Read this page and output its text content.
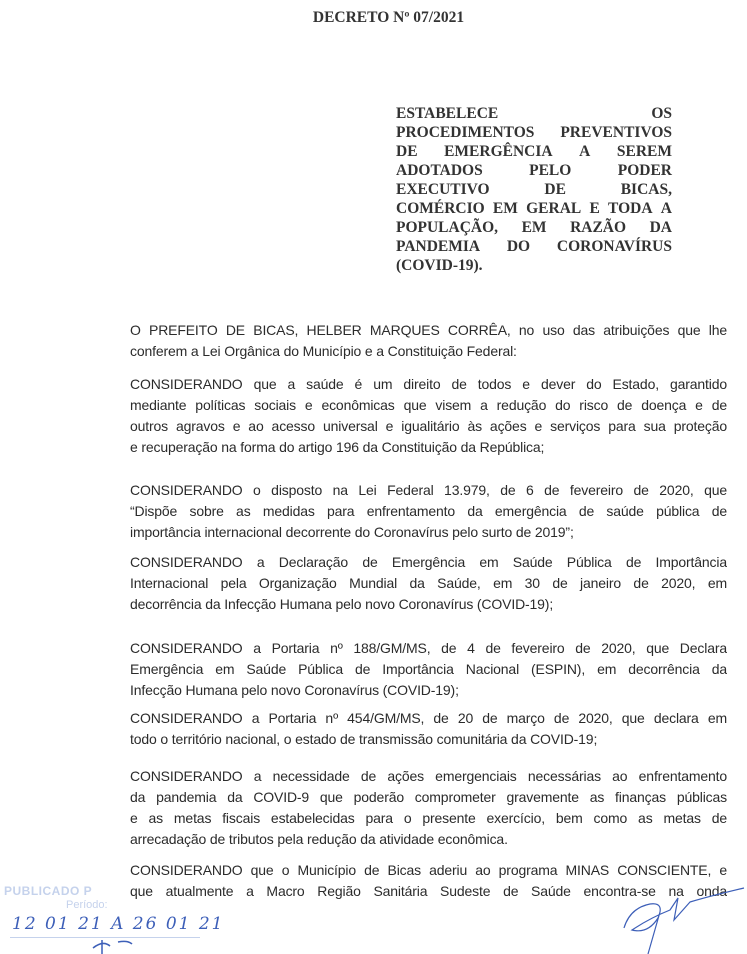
DECRETO Nº 07/2021
ESTABELECE	OS
PROCEDIMENTOS PREVENTIVOS
DE EMERGÊNCIA A SEREM
ADOTADOS	PELO	PODER
EXECUTIVO	DE	BICAS,
COMÉRCIO EM GERAL E TODA A
POPULAÇÃO, EM RAZÃO DA
PANDEMIA DO CORONAVÍRUS
(COVID-19).
O PREFEITO DE BICAS, HELBER MARQUES CORRÊA, no uso das atribuições que lhe
conferem a Lei Orgânica do Município e a Constituição Federal:
CONSIDERANDO que a saúde é um direito de todos e dever do Estado, garantido
mediante políticas sociais e econômicas que visem a redução do risco de doença e de
outros agravos e ao acesso universal e igualitário às ações e serviços para sua proteção
e recuperação na forma do artigo 196 da Constituição da República;
CONSIDERANDO o disposto na Lei Federal 13.979, de 6 de fevereiro de 2020, que
“Dispõe sobre as medidas para enfrentamento da emergência de saúde pública de
importância internacional decorrente do Coronavírus pelo surto de 2019”;
CONSIDERANDO a Declaração de Emergência em Saúde Pública de Importância
Internacional pela Organização Mundial da Saúde, em 30 de janeiro de 2020, em
decorrência da Infecção Humana pelo novo Coronavírus (COVID-19);
CONSIDERANDO a Portaria nº 188/GM/MS, de 4 de fevereiro de 2020, que Declara
Emergência em Saúde Pública de Importância Nacional (ESPIN), em decorrência da
Infecção Humana pelo novo Coronavírus (COVID-19);
CONSIDERANDO a Portaria nº 454/GM/MS, de 20 de março de 2020, que declara em
todo o território nacional, o estado de transmissão comunitária da COVID-19;
CONSIDERANDO a necessidade de ações emergenciais necessárias ao enfrentamento
da pandemia da COVID-9 que poderão comprometer gravemente as finanças públicas
e as metas fiscais estabelecidas para o presente exercício, bem como as metas de
arrecadação de tributos pela redução da atividade econômica.
CONSIDERANDO que o Município de Bicas aderiu ao programa MINAS CONSCIENTE, e
que atualmente a Macro Região Sanitária Sudeste de Saúde encontra-se na onda
PUBLICADO P
Período:
12 01 21 A 26 01 21
